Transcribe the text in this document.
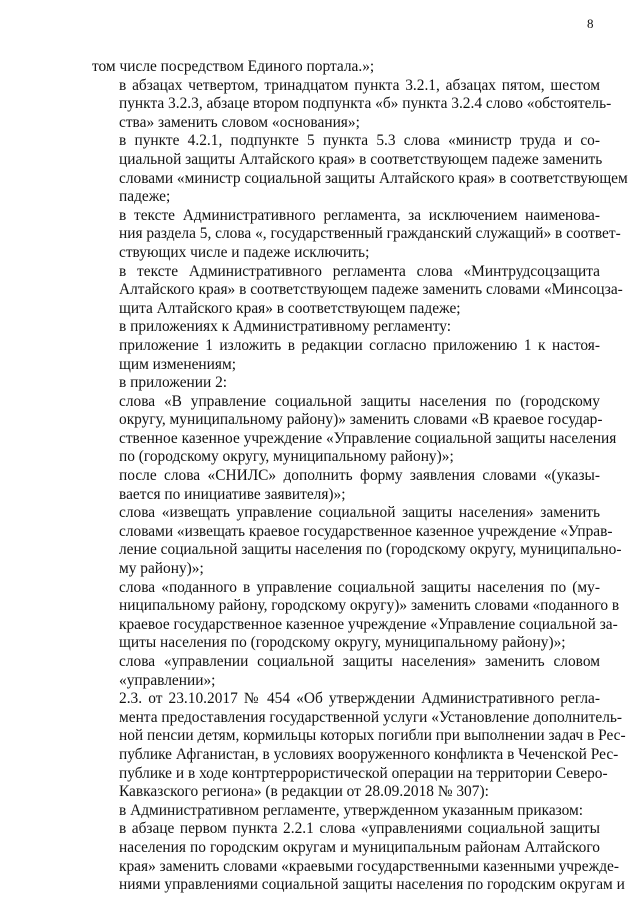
8

том числе посредством Единого портала.»;

в абзацах четвертом, тринадцатом пункта 3.2.1, абзацах пятом, шестом
пункта 3.2.3, абзаце втором подпункта «б» пункта 3.2.4 слово «обстоятель-
ства» заменить словом «основания»;

в пункте 4.2.1, подпункте 5 пункта 5.3 слова «министр труда и со-
циальной защиты Алтайского края» в соответствующем падеже заменить
словами «министр социальной защиты Алтайского края» в соответствующем
падеже;

в тексте Административного регламента, за исключением наименова-
ния раздела 5, слова «, государственный гражданский служащий» в соответ-
ствующих числе и падеже исключить;

в тексте Административного регламента слова «Минтрудсоцзащита
Алтайского края» в соответствующем падеже заменить словами «Минсоцза-
щита Алтайского края» в соответствующем падеже;

в приложениях к Административному регламенту:

приложение 1 изложить в редакции согласно приложению 1 к настоя-
щим изменениям;

в приложении 2:

слова «В управление социальной защиты населения по (городскому
округу, муниципальному району)» заменить словами «В краевое государ-
ственное казенное учреждение «Управление социальной защиты населения
по (городскому округу, муниципальному району)»;

после слова «СНИЛС» дополнить форму заявления словами «(указы-
вается по инициативе заявителя)»;

слова «извещать управление социальной защиты населения» заменить
словами «извещать краевое государственное казенное учреждение «Управ-
ление социальной защиты населения по (городскому округу, муниципально-
му району)»;

слова «поданного в управление социальной защиты населения по (му-
ниципальному району, городскому округу)» заменить словами «поданного в
краевое государственное казенное учреждение «Управление социальной за-
щиты населения по (городскому округу, муниципальному району)»;

слова «управлении социальной защиты населения» заменить словом
«управлении»;

2.3. от 23.10.2017 № 454 «Об утверждении Административного регла-
мента предоставления государственной услуги «Установление дополнитель-
ной пенсии детям, кормильцы которых погибли при выполнении задач в Рес-
публике Афганистан, в условиях вооруженного конфликта в Чеченской Рес-
публике и в ходе контртеррористической операции на территории Северо-
Кавказского региона» (в редакции от 28.09.2018 № 307):

в Административном регламенте, утвержденном указанным приказом:

в абзаце первом пункта 2.2.1 слова «управлениями социальной защиты
населения по городским округам и муниципальным районам Алтайского
края» заменить словами «краевыми государственными казенными учрежде-
ниями управлениями социальной защиты населения по городским округам и
